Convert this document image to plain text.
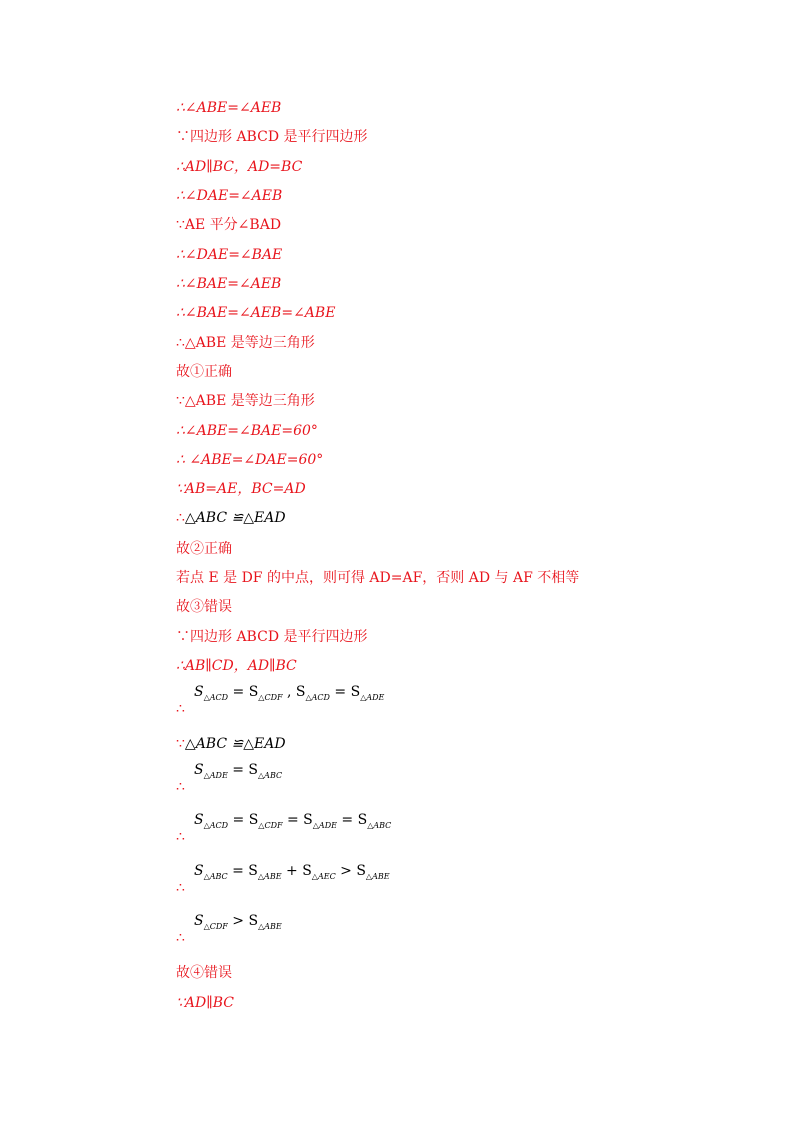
∴∠ABE=∠AEB
∵四边形 ABCD 是平行四边形
∴AD∥BC，AD=BC
∴∠DAE=∠AEB
∵AE 平分∠BAD
∴∠DAE=∠BAE
∴∠BAE=∠AEB
∴∠BAE=∠AEB=∠ABE
∴△ABE 是等边三角形
故①正确
∵△ABE 是等边三角形
∴∠ABE=∠BAE=60°
∴ ∠ABE=∠DAE=60°
∵AB=AE，BC=AD
∴△ABC ≌△EAD
故②正确
若点 E 是 DF 的中点，则可得 AD=AF，否则 AD 与 AF 不相等
故③错误
∵四边形 ABCD 是平行四边形
∴AB∥CD，AD∥BC
∴
$S_{\triangle ACD} = S_{\triangle CDF}$ , $S_{\triangle ACD} = S_{\triangle ADE}$
∵△ABC ≌△EAD
∴
$S_{\triangle ADE} = S_{\triangle ABC}$
∴
$S_{\triangle ACD} = S_{\triangle CDF} = S_{\triangle ADE} = S_{\triangle ABC}$
∴
$S_{\triangle ABC} = S_{\triangle ABE} + S_{\triangle AEC} > S_{\triangle ABE}$
∴
$S_{\triangle CDF} > S_{\triangle ABE}$
故④错误
∵AD∥BC
